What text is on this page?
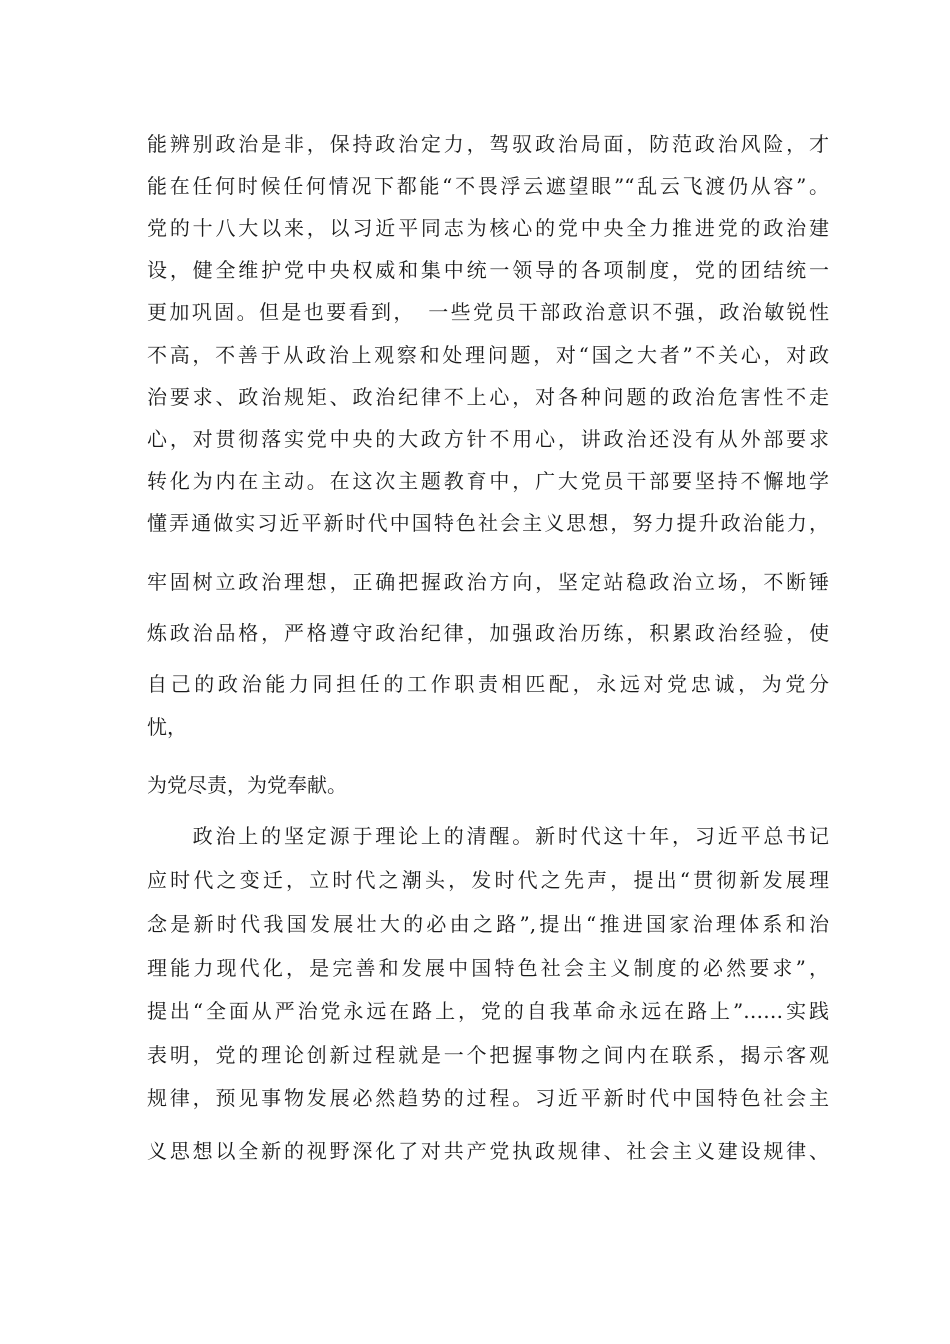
能辨别政治是非，保持政治定力，驾驭政治局面，防范政治风险，才

能在任何时候任何情况下都能“不畏浮云遮望眼”“乱云飞渡仍从容”。

党的十八大以来，以习近平同志为核心的党中央全力推进党的政治建

设，健全维护党中央权威和集中统一领导的各项制度，党的团结统一

更加巩固。但是也要看到，　一些党员干部政治意识不强，政治敏锐性

不高，不善于从政治上观察和处理问题，对“国之大者”不关心，对政

治要求、政治规矩、政治纪律不上心，对各种问题的政治危害性不走

心，对贯彻落实党中央的大政方针不用心，讲政治还没有从外部要求

转化为内在主动。在这次主题教育中，广大党员干部要坚持不懈地学

懂弄通做实习近平新时代中国特色社会主义思想，努力提升政治能力，

牢固树立政治理想，正确把握政治方向，坚定站稳政治立场，不断锤

炼政治品格，严格遵守政治纪律，加强政治历练，积累政治经验，使

自己的政治能力同担任的工作职责相匹配，永远对党忠诚，为党分

忧，

为党尽责，为党奉献。

　　政治上的坚定源于理论上的清醒。新时代这十年，习近平总书记

应时代之变迁，立时代之潮头，发时代之先声，提出“贯彻新发展理

念是新时代我国发展壮大的必由之路”,提出“推进国家治理体系和治

理能力现代化，是完善和发展中国特色社会主义制度的必然要求”，

提出“全面从严治党永远在路上，党的自我革命永远在路上”……实践

表明，党的理论创新过程就是一个把握事物之间内在联系，揭示客观

规律，预见事物发展必然趋势的过程。习近平新时代中国特色社会主

义思想以全新的视野深化了对共产党执政规律、社会主义建设规律、
